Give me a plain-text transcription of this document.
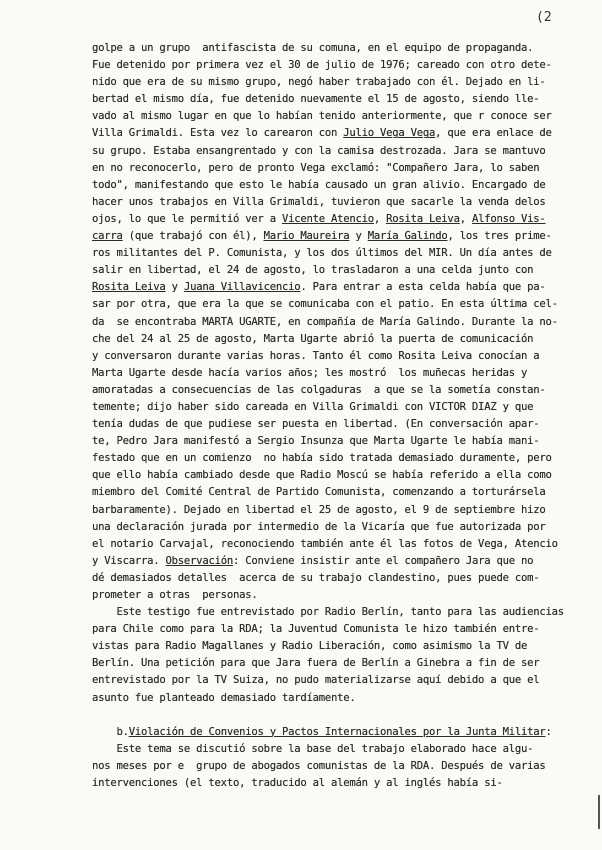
(2
golpe a un grupo  antifascista de su comuna, en el equipo de propaganda.
Fue detenido por primera vez el 30 de julio de 1976; careado con otro dete-
nido que era de su mismo grupo, negó haber trabajado con él. Dejado en li-
bertad el mismo día, fue detenido nuevamente el 15 de agosto, siendo lle-
vado al mismo lugar en que lo habían tenido anteriormente, que r conoce ser
Villa Grimaldi. Esta vez lo carearon con Julio Vega Vega, que era enlace de
su grupo. Estaba ensangrentado y con la camisa destrozada. Jara se mantuvo
en no reconocerlo, pero de pronto Vega exclamó: "Compañero Jara, lo saben
todo", manifestando que esto le había causado un gran alivio. Encargado de
hacer unos trabajos en Villa Grimaldi, tuvieron que sacarle la venda delos
ojos, lo que le permitió ver a Vicente Atencio, Rosita Leiva, Alfonso Vis-
carra (que trabajó con él), Mario Maureira y María Galindo, los tres prime-
ros militantes del P. Comunista, y los dos últimos del MIR. Un día antes de
salir en libertad, el 24 de agosto, lo trasladaron a una celda junto con
Rosita Leiva y Juana Villavicencio. Para entrar a esta celda había que pa-
sar por otra, que era la que se comunicaba con el patio. En esta última cel-
da  se encontraba MARTA UGARTE, en compañía de María Galindo. Durante la no-
che del 24 al 25 de agosto, Marta Ugarte abrió la puerta de comunicación
y conversaron durante varias horas. Tanto él como Rosita Leiva conocían a
Marta Ugarte desde hacía varios años; les mostró  los muñecas heridas y
amoratadas a consecuencias de las colgaduras  a que se la sometía constan-
temente; dijo haber sido careada en Villa Grimaldi con VICTOR DIAZ y que
tenía dudas de que pudiese ser puesta en libertad. (En conversación apar-
te, Pedro Jara manifestó a Sergio Insunza que Marta Ugarte le había mani-
festado que en un comienzo  no había sido tratada demasiado duramente, pero
que ello había cambiado desde que Radio Moscú se había referido a ella como
miembro del Comité Central de Partido Comunista, comenzando a torturársela
barbaramente). Dejado en libertad el 25 de agosto, el 9 de septiembre hizo
una declaración jurada por intermedio de la Vicaría que fue autorizada por
el notario Carvajal, reconociendo también ante él las fotos de Vega, Atencio
y Viscarra. Observación: Conviene insistir ante el compañero Jara que no
dé demasiados detalles  acerca de su trabajo clandestino, pues puede com-
prometer a otras  personas.
Este testigo fue entrevistado por Radio Berlín, tanto para las audiencias
para Chile como para la RDA; la Juventud Comunista le hizo también entre-
vistas para Radio Magallanes y Radio Liberación, como asimismo la TV de
Berlín. Una petición para que Jara fuera de Berlín a Ginebra a fin de ser
entrevistado por la TV Suiza, no pudo materializarse aquí debido a que el
asunto fue planteado demasiado tardíamente.
b.Violación de Convenios y Pactos Internacionales por la Junta Militar:
Este tema se discutió sobre la base del trabajo elaborado hace algu-
nos meses por e  grupo de abogados comunistas de la RDA. Después de varias
intervenciones (el texto, traducido al alemán y al inglés había si-
